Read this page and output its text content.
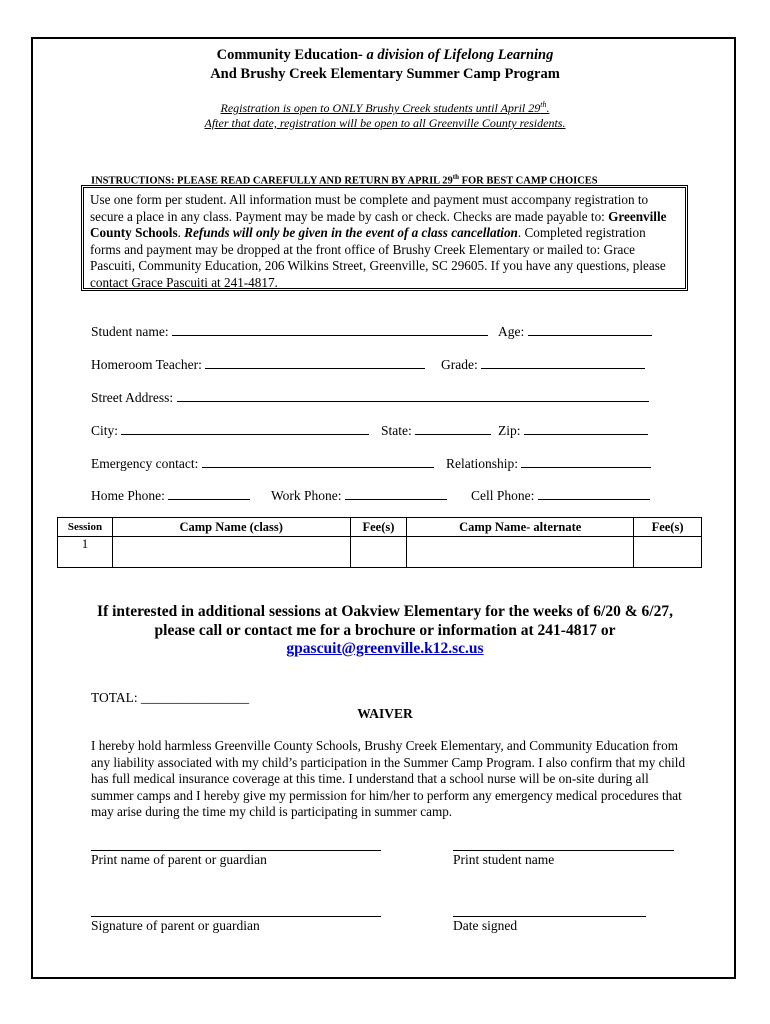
Community Education- a division of Lifelong Learning
And Brushy Creek Elementary Summer Camp Program
Registration is open to ONLY Brushy Creek students until April 29th.
After that date, registration will be open to all Greenville County residents.
INSTRUCTIONS: PLEASE READ CAREFULLY AND RETURN BY APRIL 29th FOR BEST CAMP CHOICES
Use one form per student. All information must be complete and payment must accompany registration to secure a place in any class. Payment may be made by cash or check. Checks are made payable to: Greenville County Schools. Refunds will only be given in the event of a class cancellation. Completed registration forms and payment may be dropped at the front office of Brushy Creek Elementary or mailed to: Grace Pascuiti, Community Education, 206 Wilkins Street, Greenville, SC 29605. If you have any questions, please contact Grace Pascuiti at 241-4817.
Student name:	Age:
Homeroom Teacher:	Grade:
Street Address:
City:	State:	Zip:
Emergency contact:	Relationship:
Home Phone:	Work Phone:	Cell Phone:
Session	Camp Name (class)	Fee(s)	Camp Name- alternate	Fee(s)
1				
If interested in additional sessions at Oakview Elementary for the weeks of 6/20 & 6/27,
please call or contact me for a brochure or information at 241-4817 or
gpascuit@greenville.k12.sc.us
TOTAL: ________________
WAIVER
I hereby hold harmless Greenville County Schools, Brushy Creek Elementary, and Community Education from any liability associated with my child’s participation in the Summer Camp Program. I also confirm that my child has full medical insurance coverage at this time. I understand that a school nurse will be on-site during all summer camps and I hereby give my permission for him/her to perform any emergency medical procedures that may arise during the time my child is participating in summer camp.
Print name of parent or guardian	Print student name
Signature of parent or guardian	Date signed
